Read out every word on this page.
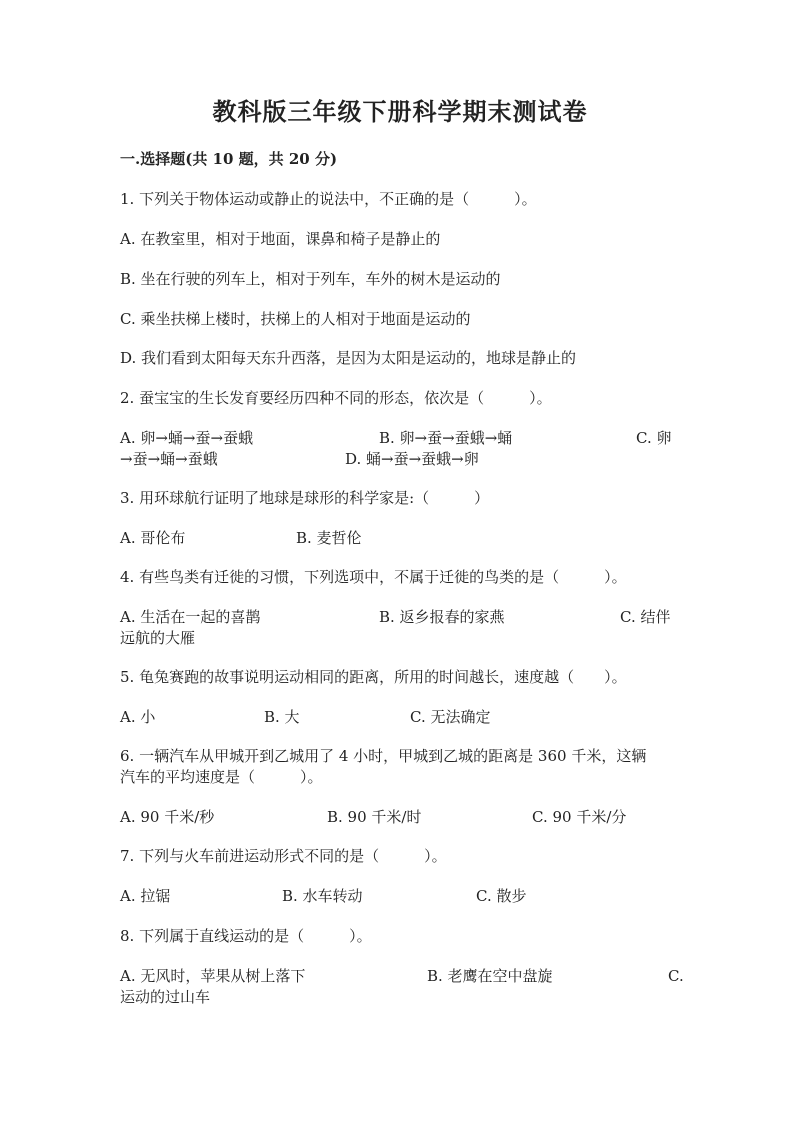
教科版三年级下册科学期末测试卷
一.选择题(共 10 题，共 20 分)
1. 下列关于物体运动或静止的说法中，不正确的是（　　　）。
A. 在教室里，相对于地面，课鼻和椅子是静止的
B. 坐在行驶的列车上，相对于列车，车外的树木是运动的
C. 乘坐扶梯上楼时，扶梯上的人相对于地面是运动的
D. 我们看到太阳每天东升西落，是因为太阳是运动的，地球是静止的
2. 蚕宝宝的生长发育要经历四种不同的形态，依次是（　　　）。
A. 卵→蛹→蚕→蚕蛾	B. 卵→蚕→蚕蛾→蛹	C. 卵
→蚕→蛹→蚕蛾	D. 蛹→蚕→蚕蛾→卵
3. 用环球航行证明了地球是球形的科学家是:（　　　）
A. 哥伦布	B. 麦哲伦
4. 有些鸟类有迁徙的习惯，下列选项中，不属于迁徙的鸟类的是（　　　）。
A. 生活在一起的喜鹊	B. 返乡报春的家燕	C. 结伴
远航的大雁
5. 龟兔赛跑的故事说明运动相同的距离，所用的时间越长，速度越（　　）。
A. 小	B. 大	C. 无法确定
6. 一辆汽车从甲城开到乙城用了 4 小时，甲城到乙城的距离是 360 千米，这辆
汽车的平均速度是（　　　）。
A. 90 千米/秒	B. 90 千米/时	C. 90 千米/分
7. 下列与火车前进运动形式不同的是（　　　）。
A. 拉锯	B. 水车转动	C. 散步
8. 下列属于直线运动的是（　　　）。
A. 无风时，苹果从树上落下	B. 老鹰在空中盘旋	C.
运动的过山车
